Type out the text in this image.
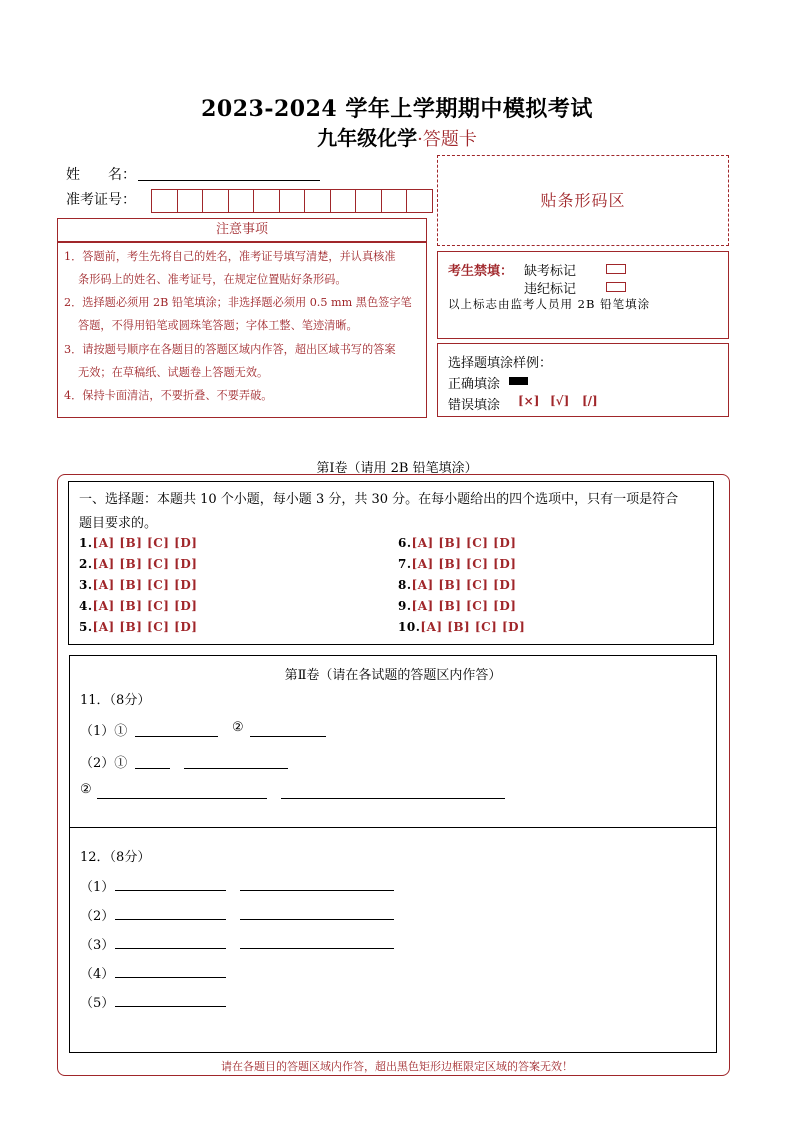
2023-2024 学年上学期期中模拟考试
九年级化学·答题卡
姓　　名：
准考证号：	贴条形码区
注意事项

1．答题前，考生先将自己的姓名，准考证号填写清楚，并认真核准

条形码上的姓名、准考证号，在规定位置贴好条形码。

2．选择题必须用 2B 铅笔填涂；非选择题必须用 0.5 mm 黑色签字笔

答题，不得用铅笔或圆珠笔答题；字体工整、笔迹清晰。

3．请按题号顺序在各题目的答题区域内作答，超出区域书写的答案

无效；在草稿纸、试题卷上答题无效。

4．保持卡面清洁，不要折叠、不要弄破。

考生禁填： 缺考标记
违纪标记
以上标志由监考人员用 2B 铅笔填涂
选择题填涂样例：
正确填涂
错误填涂 [×] [√] [/]
第Ⅰ卷（请用 2B 铅笔填涂）
一、选择题：本题共 10 个小题，每小题 3 分，共 30 分。在每小题给出的四个选项中，只有一项是符合
题目要求的。
1.[A] [B] [C] [D]
2.[A] [B] [C] [D]
3.[A] [B] [C] [D]
4.[A] [B] [C] [D]
5.[A] [B] [C] [D]
6.[A] [B] [C] [D]
7.[A] [B] [C] [D]
8.[A] [B] [C] [D]
9.[A] [B] [C] [D]
10.[A] [B] [C] [D]
第Ⅱ卷（请在各试题的答题区内作答）
11．（8分）
（1）①	②
（2）①
②
12．（8分）
（1）
（2）
（3）
（4）
（5）
请在各题目的答题区域内作答，超出黑色矩形边框限定区域的答案无效！
